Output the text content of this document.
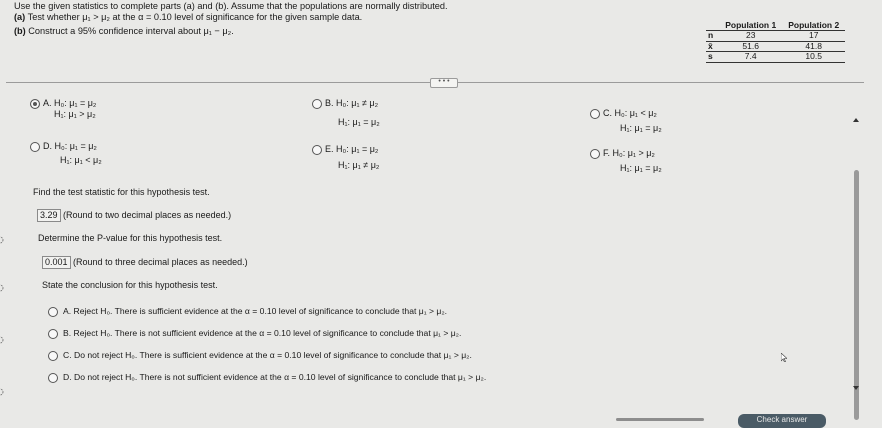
Use the given statistics to complete parts (a) and (b). Assume that the populations are normally distributed.
(a) Test whether μ₁ > μ₂ at the α = 0.10 level of significance for the given sample data.
(b) Construct a 95% confidence interval about μ₁ − μ₂.
	Population 1	Population 2
n	23	17
x̄	51.6	41.8
s	7.4	10.5
• • •
A. H₀: μ₁ = μ₂
H₁: μ₁ > μ₂
B. H₀: μ₁ ≠ μ₂
H₁: μ₁ = μ₂
C. H₀: μ₁ < μ₂
H₁: μ₁ = μ₂
D. H₀: μ₁ = μ₂
H₁: μ₁ < μ₂
E. H₀: μ₁ = μ₂
H₁: μ₁ ≠ μ₂
F. H₀: μ₁ > μ₂
H₁: μ₁ = μ₂
Find the test statistic for this hypothesis test.
3.29 (Round to two decimal places as needed.)
Determine the P-value for this hypothesis test.
0.001 (Round to three decimal places as needed.)
State the conclusion for this hypothesis test.
A. Reject H₀. There is sufficient evidence at the α = 0.10 level of significance to conclude that μ₁ > μ₂.
B. Reject H₀. There is not sufficient evidence at the α = 0.10 level of significance to conclude that μ₁ > μ₂.
C. Do not reject H₀. There is sufficient evidence at the α = 0.10 level of significance to conclude that μ₁ > μ₂.
D. Do not reject H₀. There is not sufficient evidence at the α = 0.10 level of significance to conclude that μ₁ > μ₂.
Check answer
